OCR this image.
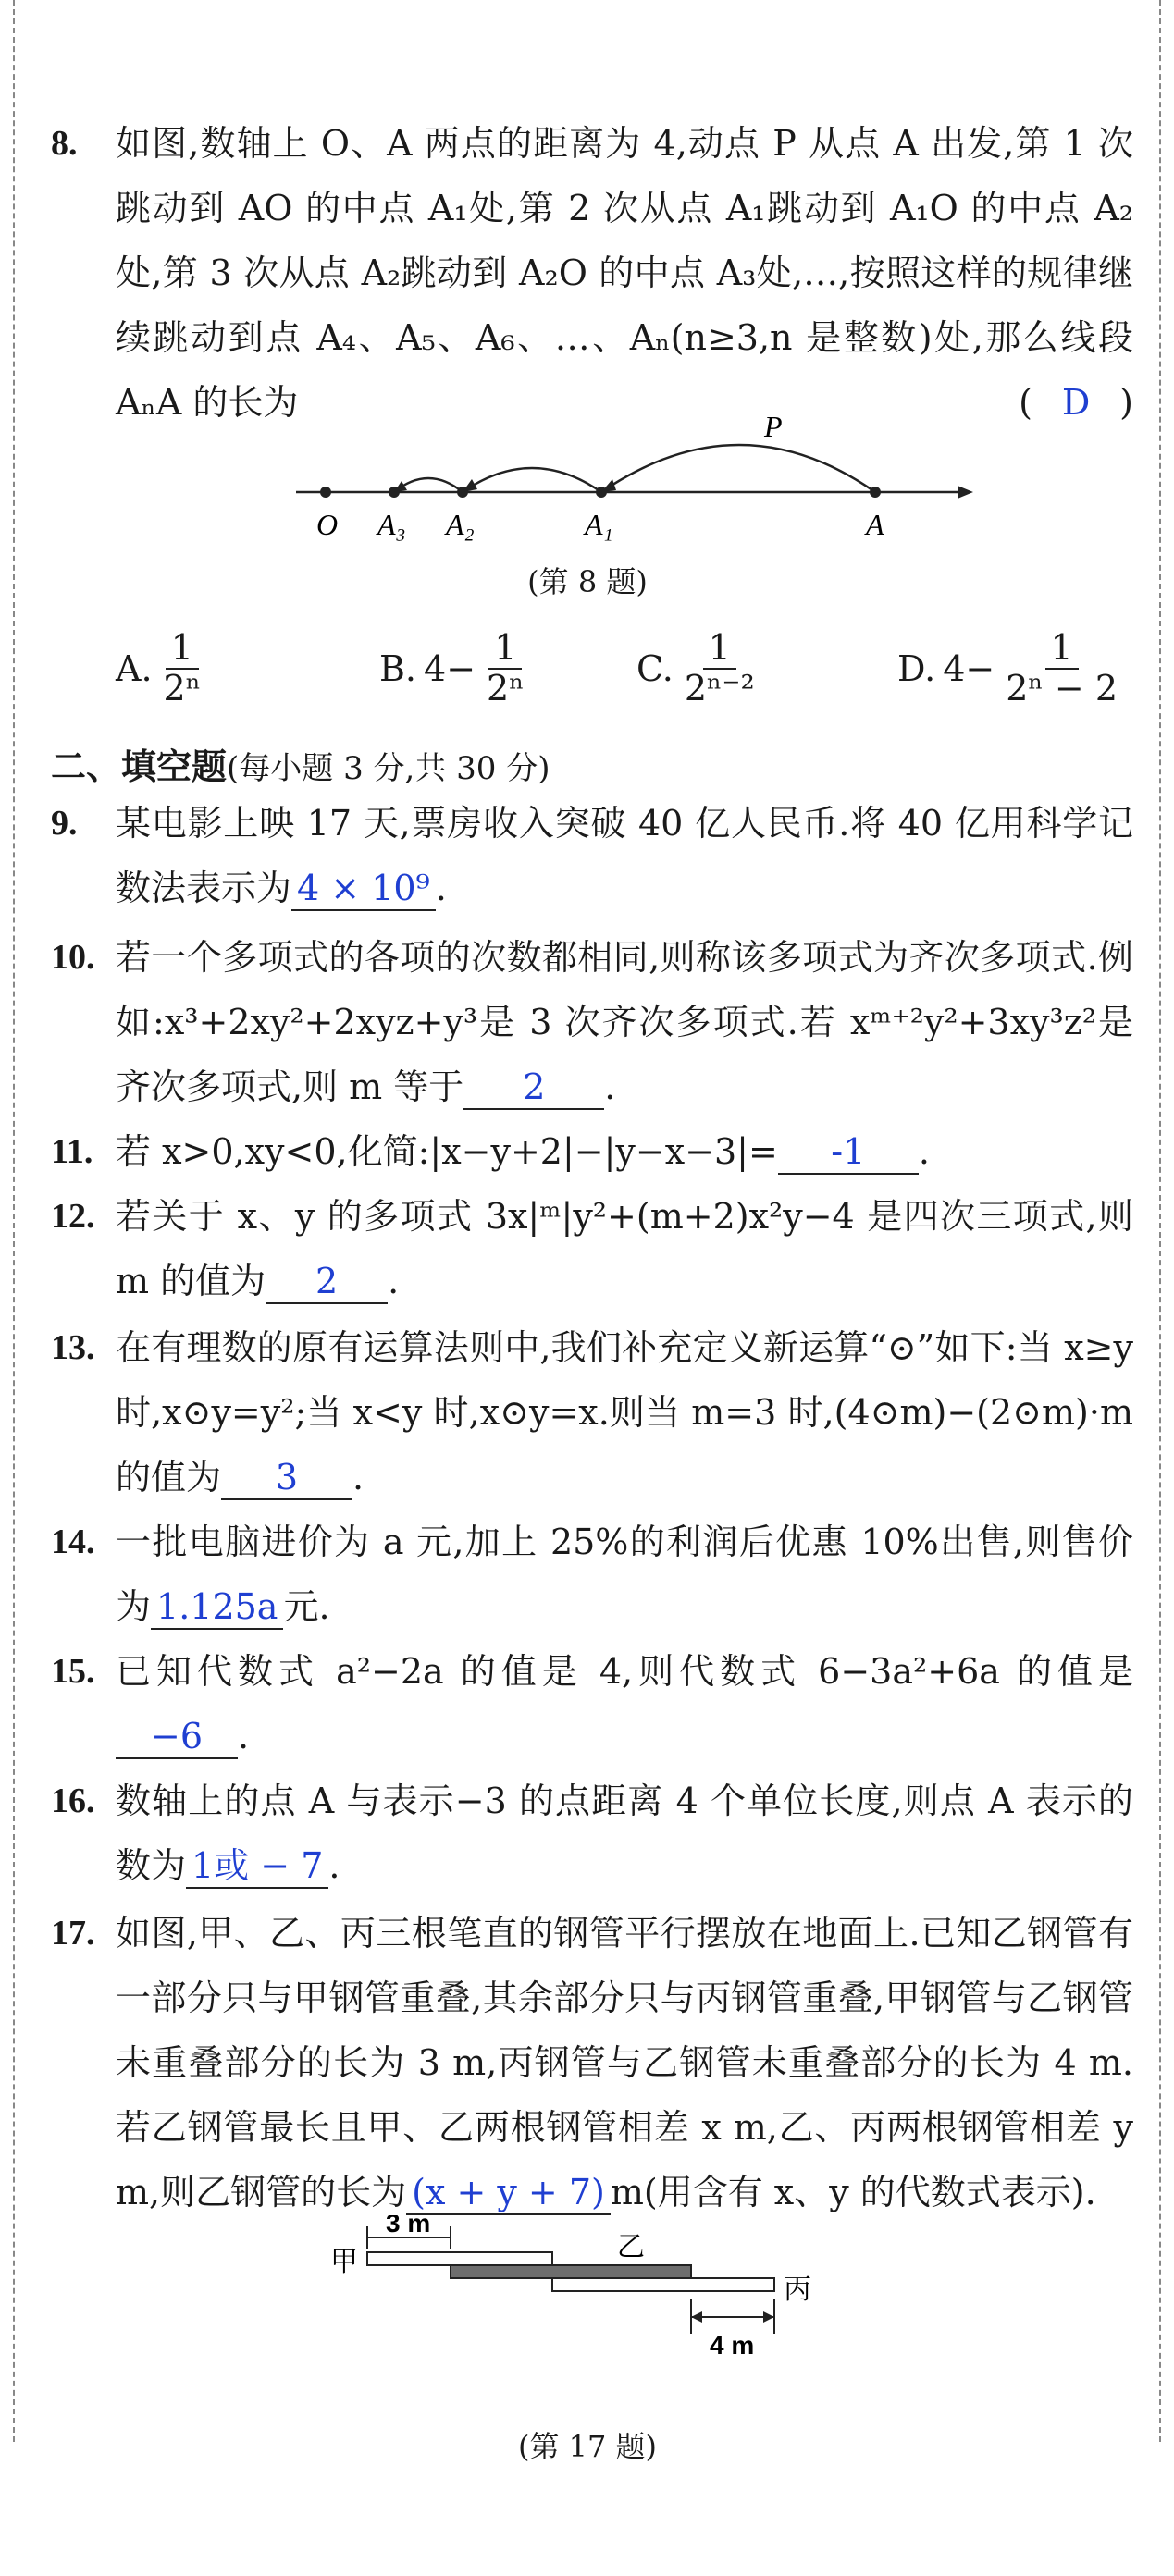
8. 如图,数轴上 O、A 两点的距离为 4,动点 P 从点 A 出发,第 1 次跳动到 AO 的中点 A₁处,第 2 次从点 A₁跳动到 A₁O 的中点 A₂处,第 3 次从点 A₂跳动到 A₂O 的中点 A₃处,…,按照这样的规律继续跳动到点 A₄、A₅、A₆、…、Aₙ(n≥3,n 是整数)处,那么线段 AₙA 的长为	( D )
O A₃ A₂	A₁	A
P
(第 8 题)
A. $\frac{1}{\text{2ⁿ}}$	B. $4- \frac{1}{\text{2ⁿ}}$	C. $\frac{1}{\text{2ⁿ⁻²}}$	D. $4- \frac{1}{\text{2ⁿ − 2}}$
二、填空题(每小题 3 分,共 30 分)
9. 某电影上映 17 天,票房收入突破 40 亿人民币.将 40 亿用科学记数法表示为 4 × 10⁹ .
10. 若一个多项式的各项的次数都相同,则称该多项式为齐次多项式.例如:x³+2xy²+2xyz+y³是 3 次齐次多项式.若 xᵐ⁺²y²+3xy³z²是齐次多项式,则 m 等于 2 .
11. 若 x>0,xy<0,化简:|x−y+2|−|y−x−3|= -1 .
12. 若关于 x、y 的多项式 3x|ᵐ|y²+(m+2)x²y−4 是四次三项式,则 m 的值为 2 .
13. 在有理数的原有运算法则中,我们补充定义新运算“⊙”如下:当 x≥y 时,x⊙y=y²;当 x<y 时,x⊙y=x.则当 m=3 时,(4⊙m)−(2⊙m)·m 的值为 3 .
14. 一批电脑进价为 a 元,加上 25%的利润后优惠 10%出售,则售价为 1.125a 元.
15. 已知代数式 a²−2a 的值是 4,则代数式 6−3a²+6a 的值是−6 .
16. 数轴上的点 A 与表示−3 的点距离 4 个单位长度,则点 A 表示的数为 1或 − 7 .
17. 如图,甲、乙、丙三根笔直的钢管平行摆放在地面上.已知乙钢管有一部分只与甲钢管重叠,其余部分只与丙钢管重叠,甲钢管与乙钢管未重叠部分的长为 3 m,丙钢管与乙钢管未重叠部分的长为 4 m.若乙钢管最长且甲、乙两根钢管相差 x m,乙、丙两根钢管相差 y m,则乙钢管的长为 (x + y + 7) m(用含有 x、y 的代数式表示).
3 m
甲	乙
丙
4 m
(第 17 题)
